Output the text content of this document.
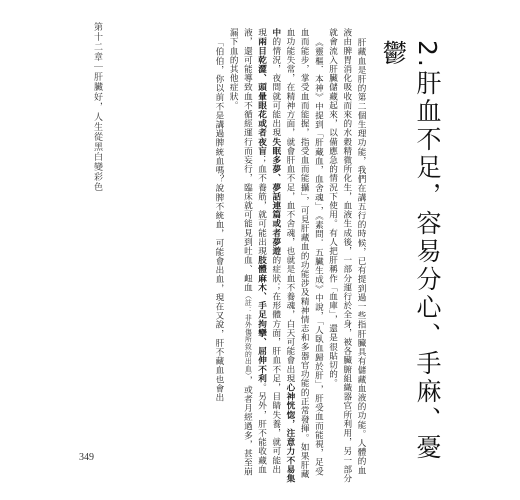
第十二章｜肝臟好，人生從黑白變彩色	2.肝血不足，容易分心、手麻、憂鬱

肝藏血是肝的第二個生理功能，我們在講五行的時候，已有提到過一些指肝臟具有儲藏血液的功能。人體的血液由脾胃消化吸收而來的水穀精微所化生，血液生成後，一部分運行於全身，被各臟腑組織器官所利用，另一部分就會流入肝臟儲藏起來，以備應急的情況下使用。有人把肝稱作「血庫」，還是很貼切的。

《靈樞．本神》中提到「肝藏血，血舍魂」，《素問．五臟生成》中說，「人臥血歸於肝」，肝受血而能視，足受血而能步，掌受血而能握，指受血而能攝」，可見肝藏血的功能涉及精神情志和多器官功能的正常發揮。如果肝藏血功能失常，在精神方面，就會肝血不足，血不舍魂，也就是血不養魂，白天可能會出現心神恍惚，注意力不易集中的情況，夜間就可能出現失眠多夢、夢話連篇或者夢遊的症狀；在形體方面，肝血不足，目睛失養，就可能出現兩目乾澀、頭暈眼花或者夜盲；血不養筋，就可能出現肢體麻木、手足拘攣、屈伸不利。另外，肝不能收藏血液，還可能導致血不循經運行而妄行，臨床就可能見到吐血、衄血（註：非外傷所致的出血），或者月經過多，甚至崩漏下血的其他症狀。

「伯伯，你以前不是講過脾統血嗎？說脾不統血，可能會出血，現在又說，肝不藏血也會出

349
